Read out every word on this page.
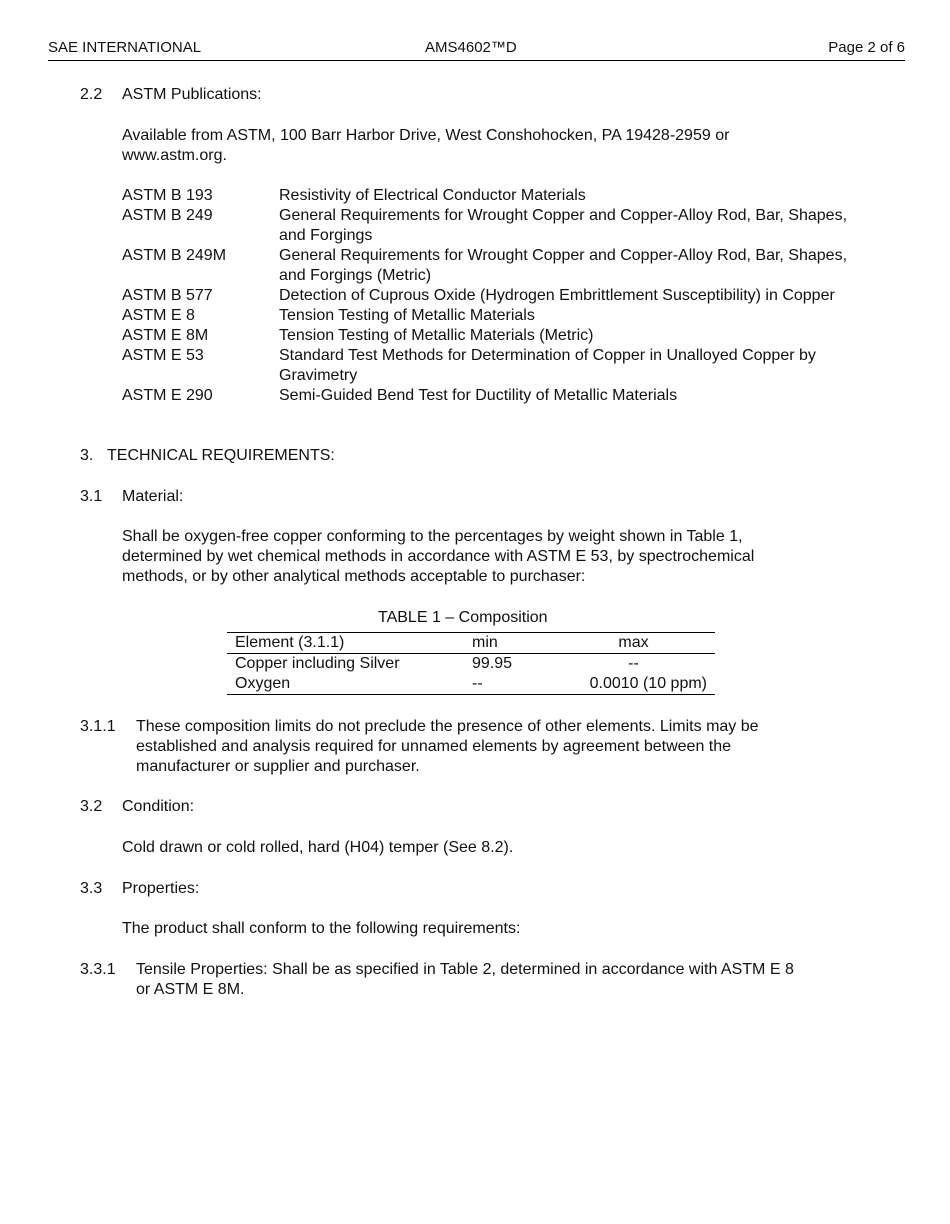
SAE INTERNATIONAL	AMS4602™D	Page 2 of 6
2.2 ASTM Publications:
Available from ASTM, 100 Barr Harbor Drive, West Conshohocken, PA 19428-2959 or
www.astm.org.
ASTM B 193	Resistivity of Electrical Conductor Materials
ASTM B 249	General Requirements for Wrought Copper and Copper-Alloy Rod, Bar, Shapes, and Forgings
ASTM B 249M	General Requirements for Wrought Copper and Copper-Alloy Rod, Bar, Shapes, and Forgings (Metric)
ASTM B 577	Detection of Cuprous Oxide (Hydrogen Embrittlement Susceptibility) in Copper
ASTM E 8	Tension Testing of Metallic Materials
ASTM E 8M	Tension Testing of Metallic Materials (Metric)
ASTM E 53	Standard Test Methods for Determination of Copper in Unalloyed Copper by Gravimetry
ASTM E 290	Semi-Guided Bend Test for Ductility of Metallic Materials
3. TECHNICAL REQUIREMENTS:
3.1 Material:
Shall be oxygen-free copper conforming to the percentages by weight shown in Table 1,
determined by wet chemical methods in accordance with ASTM E 53, by spectrochemical
methods, or by other analytical methods acceptable to purchaser:
TABLE 1 – Composition
Element (3.1.1)	min	max
Copper including Silver	99.95	--
Oxygen	--	0.0010 (10 ppm)
3.1.1 These composition limits do not preclude the presence of other elements. Limits may be
established and analysis required for unnamed elements by agreement between the
manufacturer or supplier and purchaser.
3.2 Condition:
Cold drawn or cold rolled, hard (H04) temper (See 8.2).
3.3 Properties:
The product shall conform to the following requirements:
3.3.1 Tensile Properties: Shall be as specified in Table 2, determined in accordance with ASTM E 8
or ASTM E 8M.
